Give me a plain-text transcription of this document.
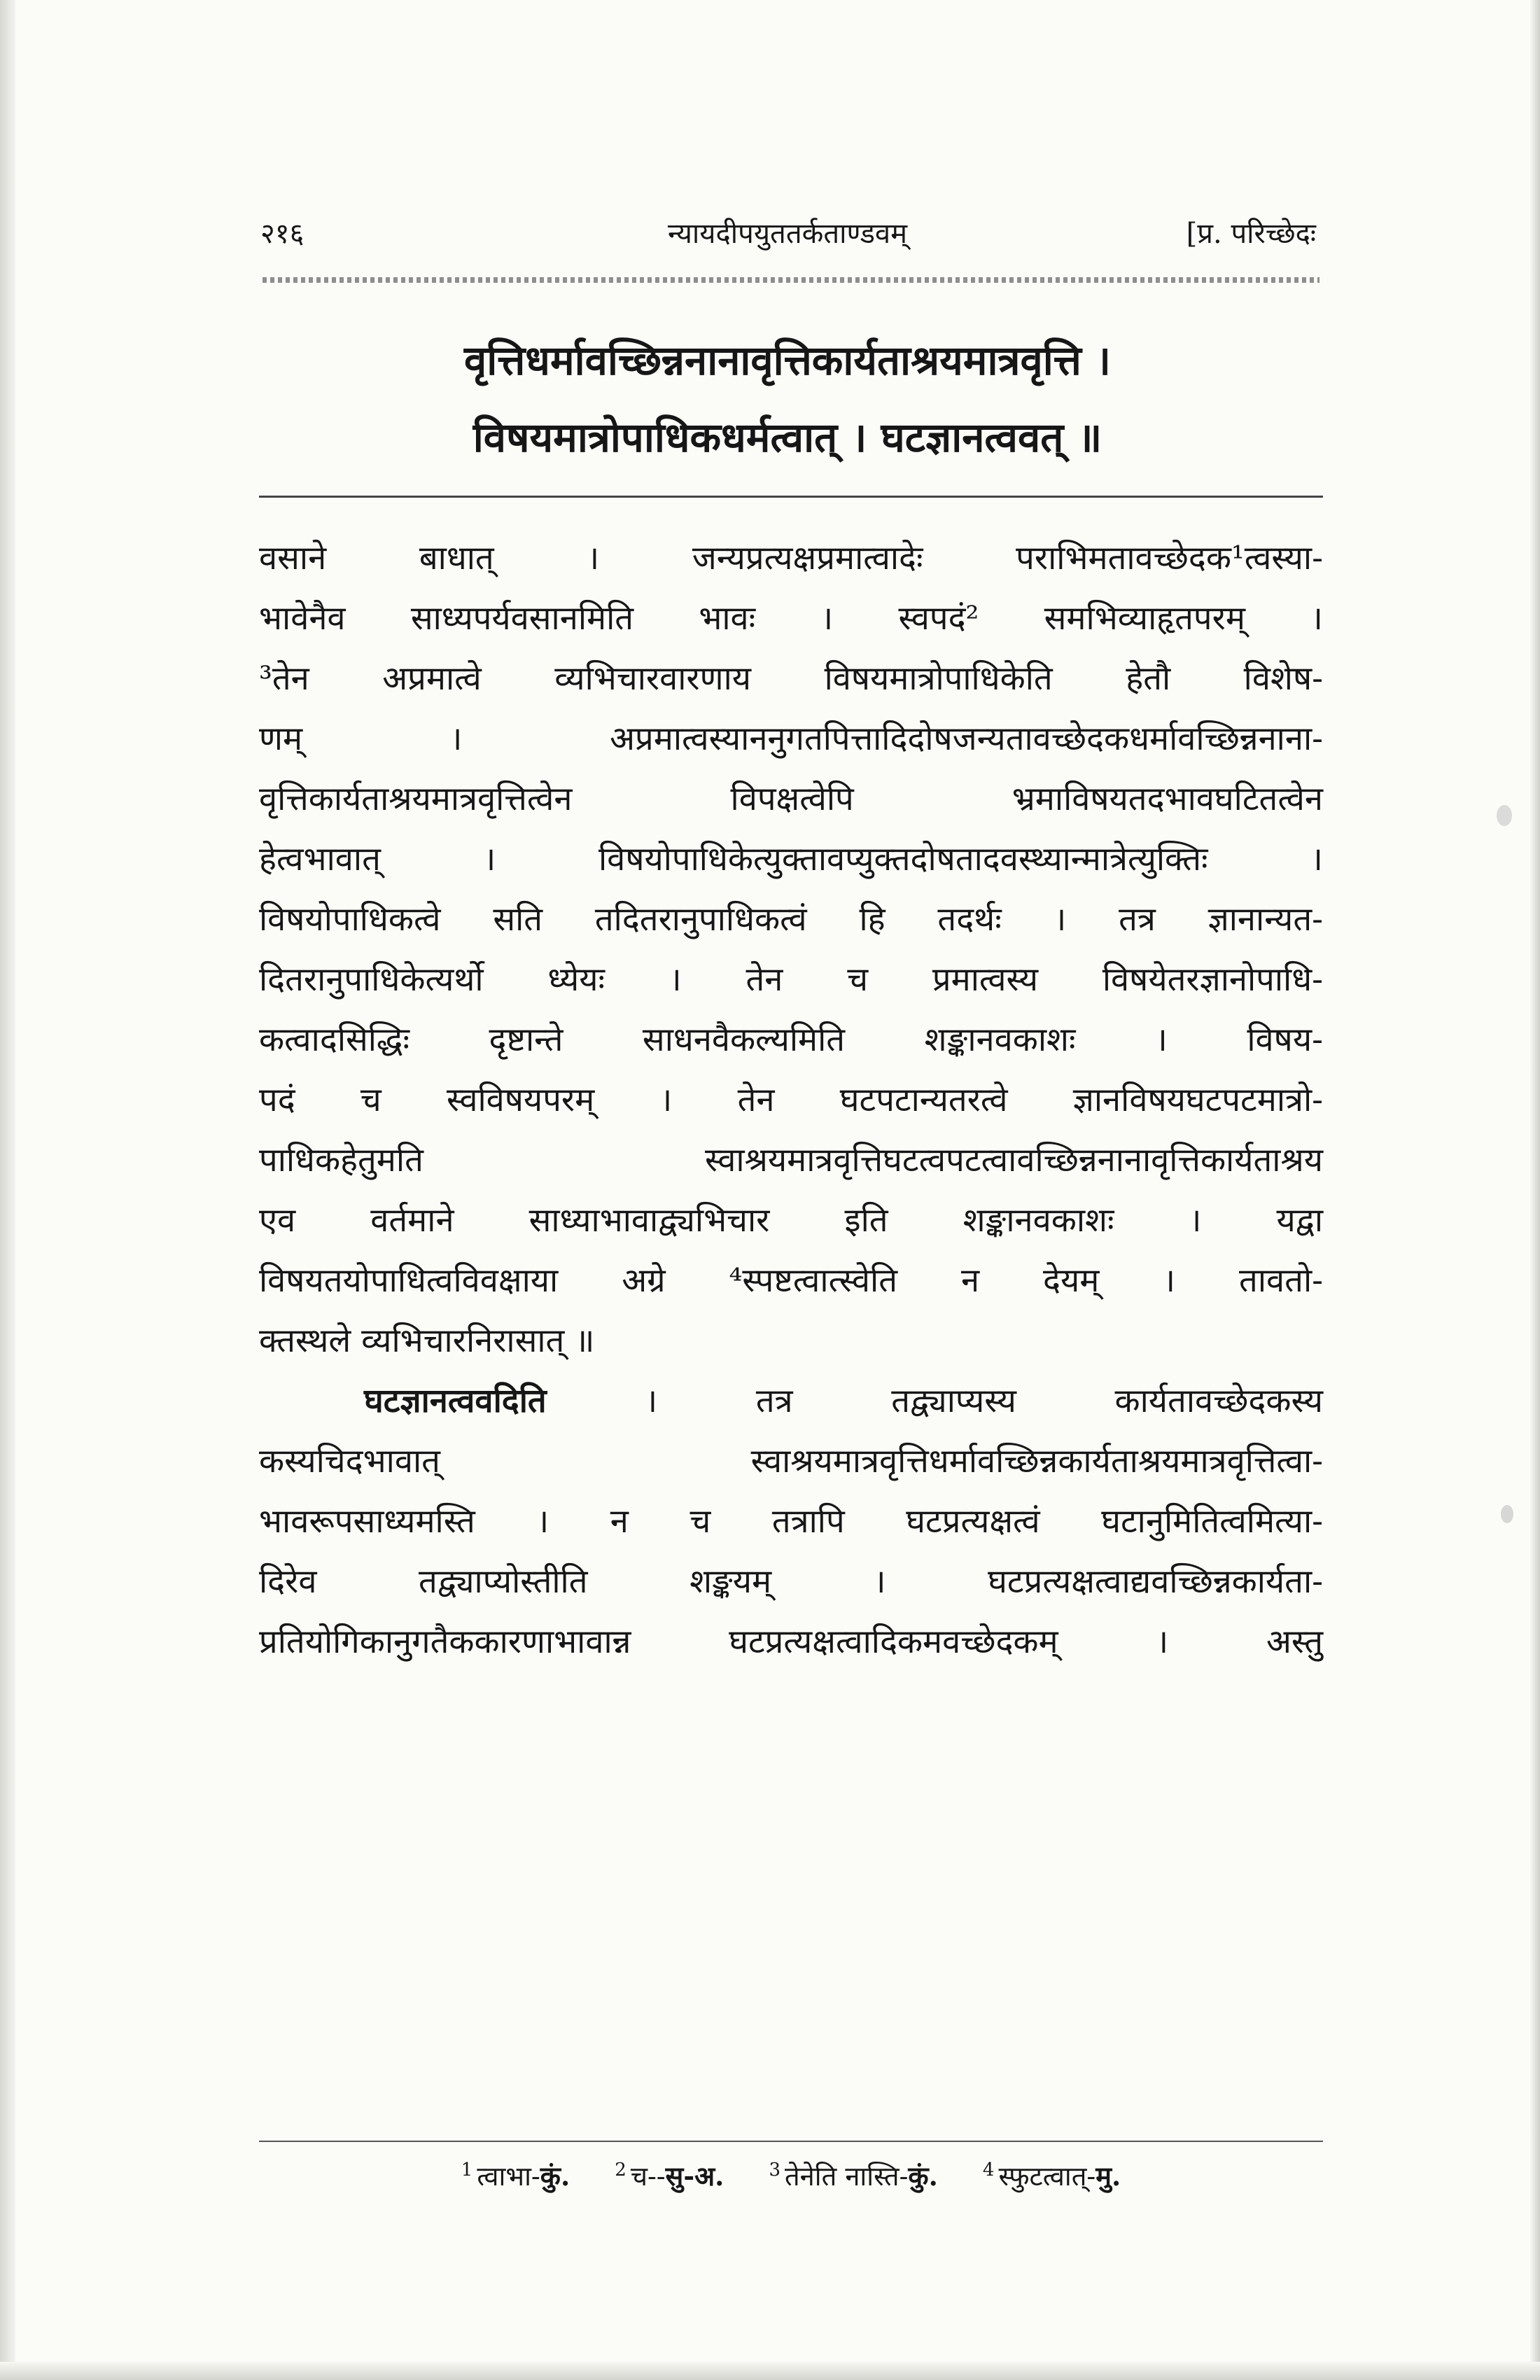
२१६	न्यायदीपयुततर्कताण्डवम्	[प्र. परिच्छेदः
वृत्तिधर्मावच्छिन्ननानावृत्तिकार्यताश्रयमात्रवृत्ति ।
विषयमात्रोपाधिकधर्मत्वात् । घटज्ञानत्ववत् ॥
वसाने बाधात् । जन्यप्रत्यक्षप्रमात्वादेः पराभिमतावच्छेदक¹त्वस्या-
भावेनैव साध्यपर्यवसानमिति भावः । स्वपदं² समभिव्याहृतपरम् ।
³तेन अप्रमात्वे व्यभिचारवारणाय विषयमात्रोपाधिकेति हेतौ विशेष-
णम् । अप्रमात्वस्याननुगतपित्तादिदोषजन्यतावच्छेदकधर्मावच्छिन्ननाना-
वृत्तिकार्यताश्रयमात्रवृत्तित्वेन विपक्षत्वेपि भ्रमाविषयतदभावघटितत्वेन
हेत्वभावात् । विषयोपाधिकेत्युक्तावप्युक्तदोषतादवस्थ्यान्मात्रेत्युक्तिः ।
विषयोपाधिकत्वे सति तदितरानुपाधिकत्वं हि तदर्थः । तत्र ज्ञानान्यत-
दितरानुपाधिकेत्यर्थो ध्येयः । तेन च प्रमात्वस्य विषयेतरज्ञानोपाधि-
कत्वादसिद्धिः दृष्टान्ते साधनवैकल्यमिति शङ्कानवकाशः । विषय-
पदं च स्वविषयपरम् । तेन घटपटान्यतरत्वे ज्ञानविषयघटपटमात्रो-
पाधिकहेतुमति स्वाश्रयमात्रवृत्तिघटत्वपटत्वावच्छिन्ननानावृत्तिकार्यताश्रय
एव वर्तमाने साध्याभावाद्व्यभिचार इति शङ्कानवकाशः । यद्वा
विषयतयोपाधित्वविवक्षाया अग्रे ⁴स्पष्टत्वात्स्वेति न देयम् । तावतो-
क्तस्थले व्यभिचारनिरासात् ॥
घटज्ञानत्ववदिति	। तत्र तद्व्याप्यस्य कार्यतावच्छेदकस्य
कस्यचिदभावात् स्वाश्रयमात्रवृत्तिधर्मावच्छिन्नकार्यताश्रयमात्रवृत्तित्वा-
भावरूपसाध्यमस्ति । न च तत्रापि घटप्रत्यक्षत्वं घटानुमितित्वमित्या-
दिरेव तद्व्याप्योस्तीति शङ्कयम् । घटप्रत्यक्षत्वाद्यवच्छिन्नकार्यता-
प्रतियोगिकानुगतैककारणाभावान्न घटप्रत्यक्षत्वादिकमवच्छेदकम् । अस्तु
$^1$ त्वाभा-कुं. $^2$ च--सु-अ. $^3$ तेनेति नास्ति-कुं. $^4$ स्फुटत्वात्-मु.
